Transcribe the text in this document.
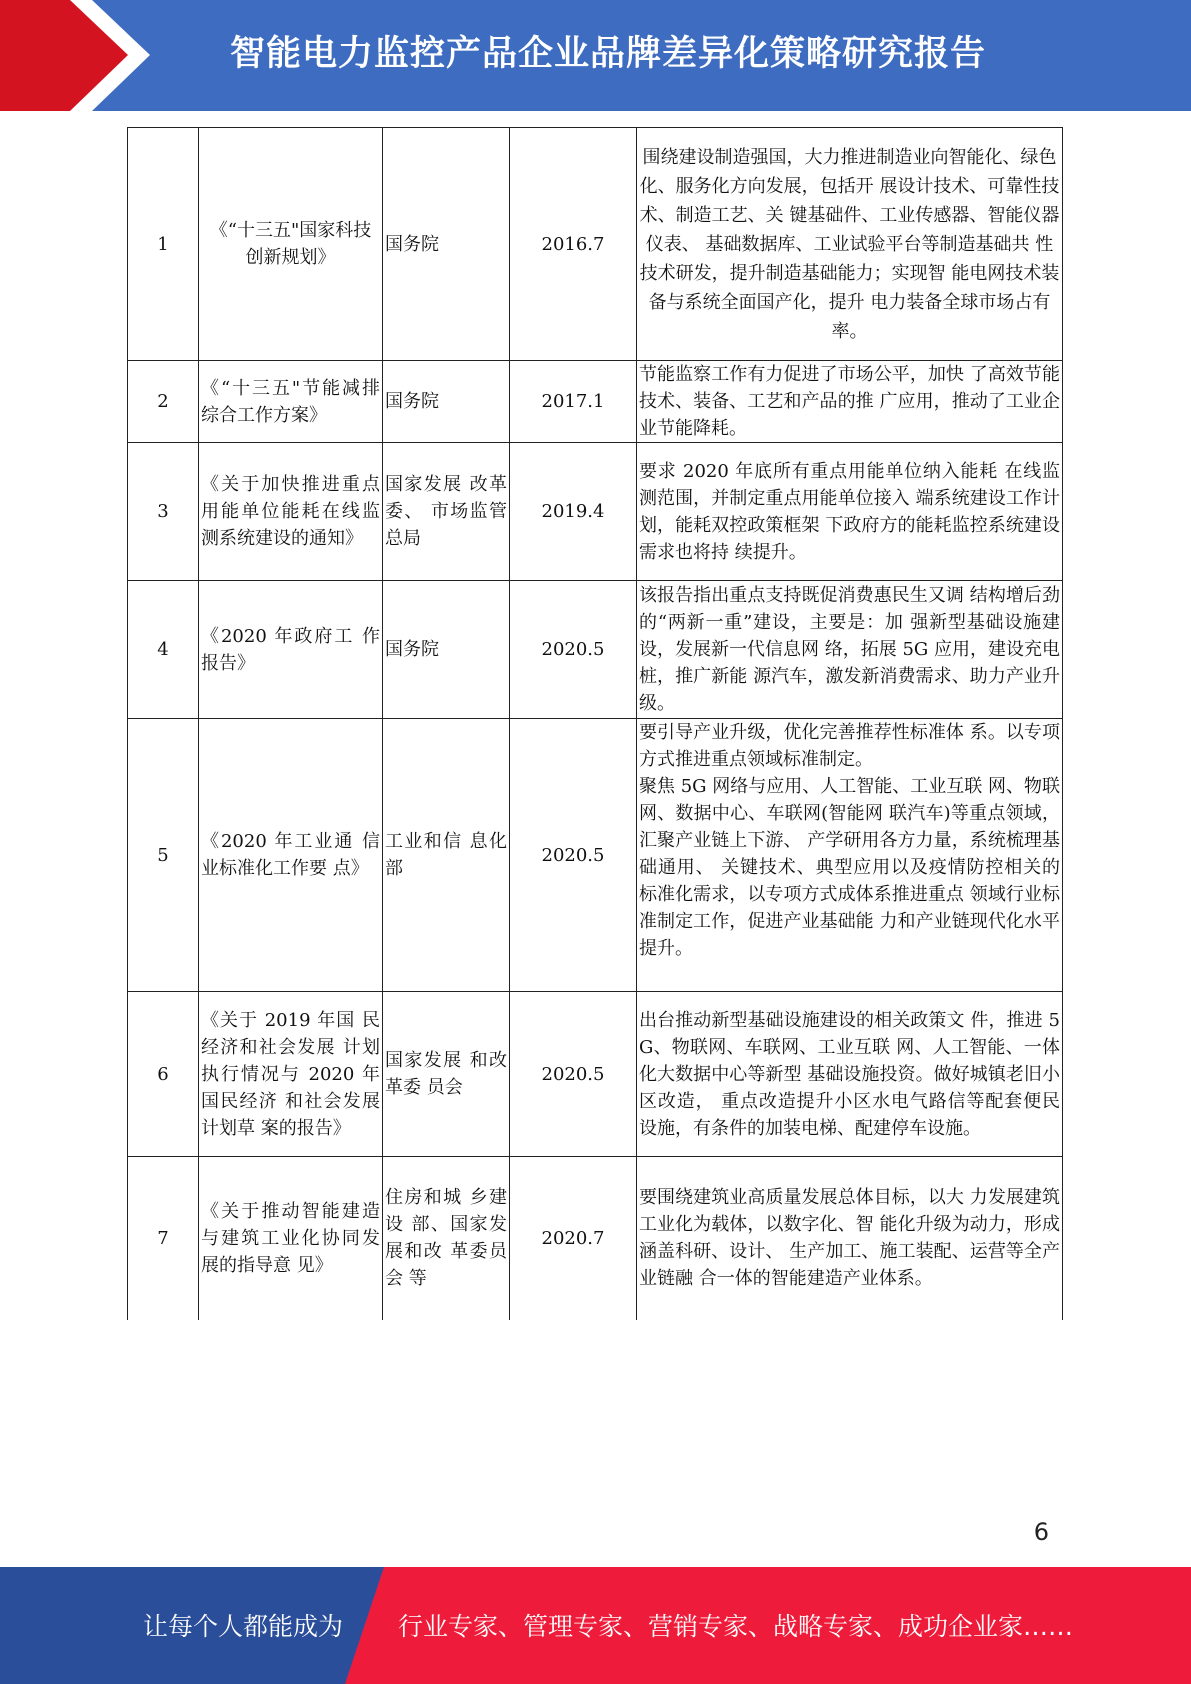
智能电力监控产品企业品牌差异化策略研究报告
1	《“十三五"国家科技创新规划》	国务院	2016.7	围绕建设制造强国，大力推进制造业向智能化、绿色化、服务化方向发展，包括开 展设计技术、可靠性技术、制造工艺、关 键基础件、工业传感器、智能仪器仪表、 基础数据库、工业试验平台等制造基础共 性技术研发，提升制造基础能力；实现智 能电网技术装备与系统全面国产化，提升 电力装备全球市场占有率。
2	《“十三五"节能减排综合工作方案》	国务院	2017.1	节能监察工作有力促进了市场公平，加快 了高效节能技术、装备、工艺和产品的推 广应用，推动了工业企业节能降耗。
3	《关于加快推进重点用能单位能耗在线监测系统建设的通知》	国家发展 改革委、 市场监管 总局	2019.4	要求 2020 年底所有重点用能单位纳入能耗 在线监测范围，并制定重点用能单位接入 端系统建设工作计划，能耗双控政策框架 下政府方的能耗监控系统建设需求也将持 续提升。
4	《2020 年政府工 作报告》	国务院	2020.5	该报告指出重点支持既促消费惠民生又调 结构增后劲的“两新一重”建设，主要是：加 强新型基础设施建设，发展新一代信息网 络，拓展 5G 应用，建设充电桩，推广新能 源汽车，激发新消费需求、助力产业升级。
5	《2020 年工业通 信业标准化工作要 点》	工业和信 息化部	2020.5	要引导产业升级，优化完善推荐性标准体 系。以专项方式推进重点领域标准制定。
聚焦 5G 网络与应用、人工智能、工业互联 网、物联网、数据中心、车联网(智能网 联汽车)等重点领域，汇聚产业链上下游、 产学研用各方力量，系统梳理基础通用、 关键技术、典型应用以及疫情防控相关的 标准化需求，以专项方式成体系推进重点 领域行业标准制定工作，促进产业基础能 力和产业链现代化水平提升。

6	《关于 2019 年国 民经济和社会发展 计划执行情况与 2020 年国民经济 和社会发展计划草 案的报告》	国家发展 和改革委 员会	2020.5	出台推动新型基础设施建设的相关政策文 件，推进 5G、物联网、车联网、工业互联 网、人工智能、一体化大数据中心等新型 基础设施投资。做好城镇老旧小区改造， 重点改造提升小区水电气路信等配套便民 设施，有条件的加装电梯、配建停车设施。
7	《关于推动智能建造与建筑工业化协同发展的指导意 见》	住房和城 乡建设 部、国家发展和改 革委员会 等	2020.7	要围绕建筑业高质量发展总体目标，以大 力发展建筑工业化为载体，以数字化、智 能化升级为动力，形成涵盖科研、设计、 生产加工、施工装配、运营等全产业链融 合一体的智能建造产业体系。
6
让每个人都能成为 行业专家、管理专家、营销专家、战略专家、成功企业家……
